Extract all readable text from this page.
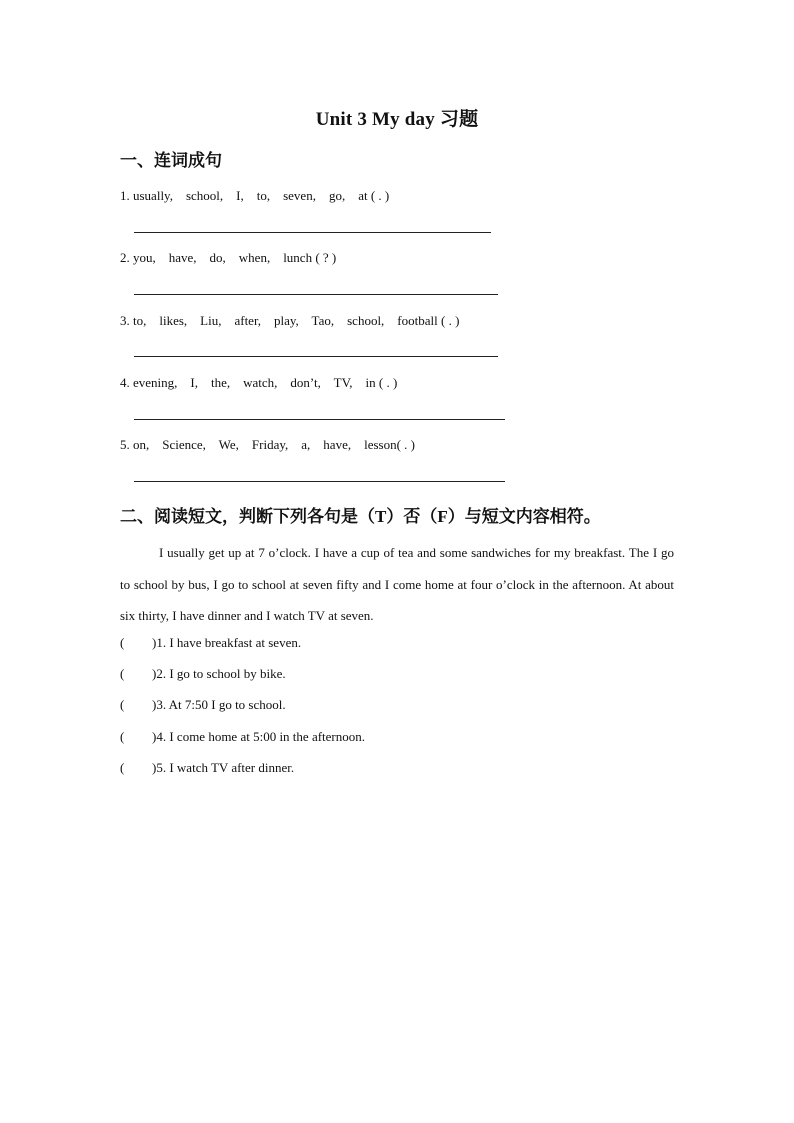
Unit 3 My day 习题
一、连词成句
1. usually,    school,    I,    to,    seven,    go,    at ( . )
2. you,    have,    do,    when,    lunch ( ? )
3. to,    likes,    Liu,    after,    play,    Tao,    school,    football ( . )
4. evening,    I,    the,    watch,    don’t,    TV,    in ( . )
5. on,    Science,    We,    Friday,    a,    have,    lesson( . )
二、阅读短文，判断下列各句是（T）否（F）与短文内容相符。

I usually get up at 7 o’clock. I have a cup of tea and some sandwiches for my breakfast. The I go to school by bus, I go to school at seven fifty and I come home at four o’clock in the afternoon. At about six thirty, I have dinner and I watch TV at seven.

( )1. I have breakfast at seven.
( )2. I go to school by bike.
( )3. At 7:50 I go to school.
( )4. I come home at 5:00 in the afternoon.
( )5. I watch TV after dinner.
